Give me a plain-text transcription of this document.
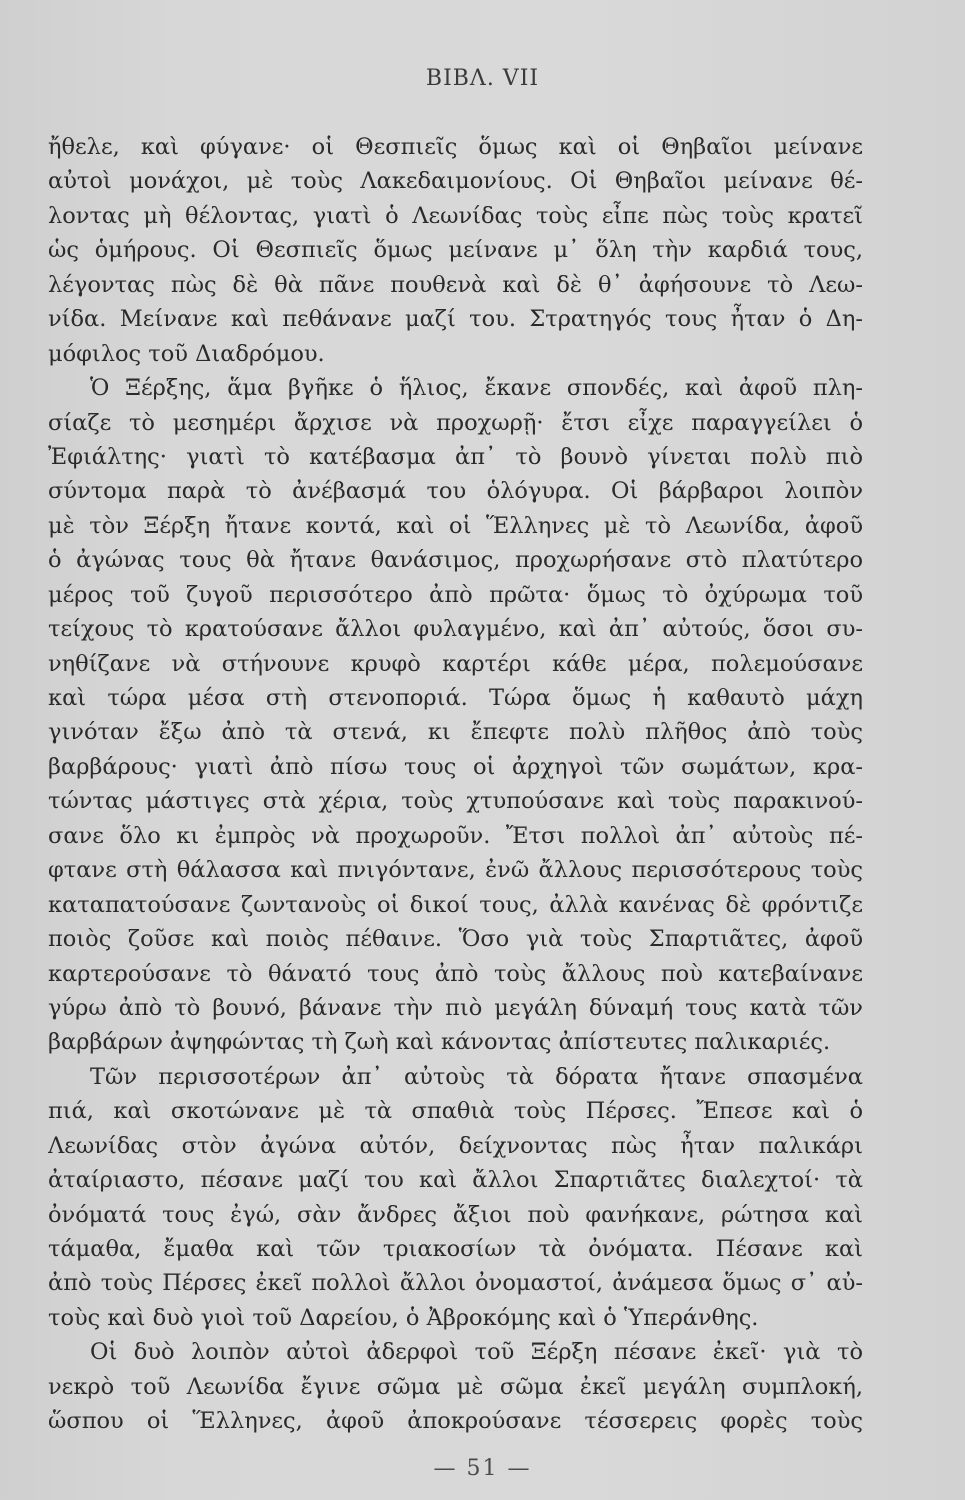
ΒΙΒΛ. VII
ἤθελε, καὶ φύγανε· οἱ Θεσπιεῖς ὅμως καὶ οἱ Θηβαῖοι μείνανε
αὐτοὶ μονάχοι, μὲ τοὺς Λακεδαιμονίους. Οἱ Θηβαῖοι μείνανε θέ-
λοντας μὴ θέλοντας, γιατὶ ὁ Λεωνίδας τοὺς εἶπε πὼς τοὺς κρατεῖ
ὡς ὁμήρους. Οἱ Θεσπιεῖς ὅμως μείνανε μ᾿ ὅλη τὴν καρδιά τους,
λέγοντας πὼς δὲ θὰ πᾶνε πουθενὰ καὶ δὲ θ᾿ ἀφήσουνε τὸ Λεω-
νίδα. Μείνανε καὶ πεθάνανε μαζί του. Στρατηγός τους ἦταν ὁ Δη-
μόφιλος τοῦ Διαδρόμου.
Ὁ Ξέρξης, ἅμα βγῆκε ὁ ἥλιος, ἔκανε σπονδές, καὶ ἀφοῦ πλη-
σίαζε τὸ μεσημέρι ἄρχισε νὰ προχωρῇ· ἔτσι εἶχε παραγγείλει ὁ
Ἐφιάλτης· γιατὶ τὸ κατέβασμα ἀπ᾿ τὸ βουνὸ γίνεται πολὺ πιὸ
σύντομα παρὰ τὸ ἀνέβασμά του ὁλόγυρα. Οἱ βάρβαροι λοιπὸν
μὲ τὸν Ξέρξη ἤτανε κοντά, καὶ οἱ Ἕλληνες μὲ τὸ Λεωνίδα, ἀφοῦ
ὁ ἀγώνας τους θὰ ἤτανε θανάσιμος, προχωρήσανε στὸ πλατύτερο
μέρος τοῦ ζυγοῦ περισσότερο ἀπὸ πρῶτα· ὅμως τὸ ὀχύρωμα τοῦ
τείχους τὸ κρατούσανε ἄλλοι φυλαγμένο, καὶ ἀπ᾿ αὐτούς, ὅσοι συ-
νηθίζανε νὰ στήνουνε κρυφὸ καρτέρι κάθε μέρα, πολεμούσανε
καὶ τώρα μέσα στὴ στενοποριά. Τώρα ὅμως ἡ καθαυτὸ μάχη
γινόταν ἔξω ἀπὸ τὰ στενά, κι ἔπεφτε πολὺ πλῆθος ἀπὸ τοὺς
βαρβάρους· γιατὶ ἀπὸ πίσω τους οἱ ἀρχηγοὶ τῶν σωμάτων, κρα-
τώντας μάστιγες στὰ χέρια, τοὺς χτυπούσανε καὶ τοὺς παρακινού-
σανε ὅλο κι ἐμπρὸς νὰ προχωροῦν. Ἔτσι πολλοὶ ἀπ᾿ αὐτοὺς πέ-
φτανε στὴ θάλασσα καὶ πνιγόντανε, ἐνῶ ἄλλους περισσότερους τοὺς
καταπατούσανε ζωντανοὺς οἱ δικοί τους, ἀλλὰ κανένας δὲ φρόντιζε
ποιὸς ζοῦσε καὶ ποιὸς πέθαινε. Ὅσο γιὰ τοὺς Σπαρτιᾶτες, ἀφοῦ
καρτερούσανε τὸ θάνατό τους ἀπὸ τοὺς ἄλλους ποὺ κατεβαίνανε
γύρω ἀπὸ τὸ βουνό, βάνανε τὴν πιὸ μεγάλη δύναμή τους κατὰ τῶν
βαρβάρων ἀψηφώντας τὴ ζωὴ καὶ κάνοντας ἀπίστευτες παλικαριές.
Τῶν περισσοτέρων ἀπ᾿ αὐτοὺς τὰ δόρατα ἤτανε σπασμένα
πιά, καὶ σκοτώνανε μὲ τὰ σπαθιὰ τοὺς Πέρσες. Ἔπεσε καὶ ὁ
Λεωνίδας στὸν ἀγώνα αὐτόν, δείχνοντας πὼς ἦταν παλικάρι
ἀταίριαστο, πέσανε μαζί του καὶ ἄλλοι Σπαρτιᾶτες διαλεχτοί· τὰ
ὀνόματά τους ἐγώ, σὰν ἄνδρες ἄξιοι ποὺ φανήκανε, ρώτησα καὶ
τάμαθα, ἔμαθα καὶ τῶν τριακοσίων τὰ ὀνόματα. Πέσανε καὶ
ἀπὸ τοὺς Πέρσες ἐκεῖ πολλοὶ ἄλλοι ὀνομαστοί, ἀνάμεσα ὅμως σ᾿ αὐ-
τοὺς καὶ δυὸ γιοὶ τοῦ Δαρείου, ὁ Ἀβροκόμης καὶ ὁ Ὑπεράνθης.
Οἱ δυὸ λοιπὸν αὐτοὶ ἀδερφοὶ τοῦ Ξέρξη πέσανε ἐκεῖ· γιὰ τὸ
νεκρὸ τοῦ Λεωνίδα ἔγινε σῶμα μὲ σῶμα ἐκεῖ μεγάλη συμπλοκή,
ὥσπου οἱ Ἕλληνες, ἀφοῦ ἀποκρούσανε τέσσερεις φορὲς τοὺς
— 51 —
